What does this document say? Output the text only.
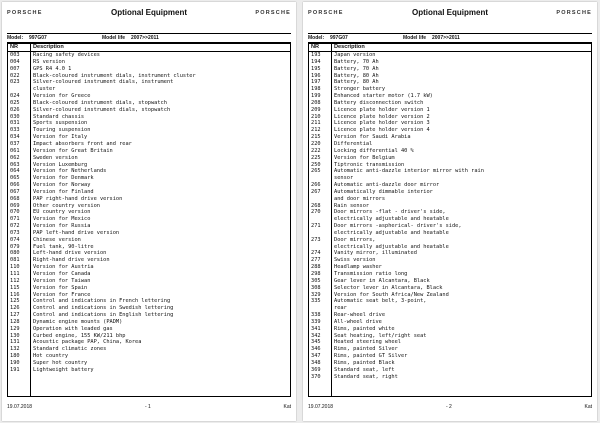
PORSCHE	Optional Equipment	PORSCHE
Model: 997G07	Model life 2007>>2011
NR	Description
003	Racing safety devices
004	RS version
007	GPS R4 4.0 1
022	Black-coloured instrument dials, instrument cluster
023	Silver-coloured instrument dials, instrument
cluster
024	Version for Greece
025	Black-coloured instrument dials, stopwatch
026	Silver-coloured instrument dials, stopwatch
030	Standard chassis
031	Sports suspension
033	Touring suspension
034	Version for Italy
037	Impact absorbers front and rear
061	Version for Great Britain
062	Sweden version
063	Version Luxemburg
064	Version for Netherlands
065	Version for Denmark
066	Version for Norway
067	Version for Finland
068	PAP right-hand drive version
069	Other country version
070	EU country version
071	Version for Mexico
072	Version for Russia
073	PAP left-hand drive version
074	Chinese version
079	Fuel tank, 90-litre
080	Left-hand drive version
081	Right-hand drive version
110	Version for Austria
111	Version for Canada
112	Version for Taiwan
115	Version for Spain
116	Version for France
125	Control and indications in French lettering
126	Control and indications in Swedish lettering
127	Control and indications in English lettering
128	Dynamic engine mounts (PADM)
129	Operation with leaded gas
130	Curbed engine, 155 KW/211 bhp
131	Acoustic package PAP, China, Korea
132	Standard climatic zones
180	Hot country
190	Super hot country
191	Lightweight battery
19.07.2018	- 1	Kat
PORSCHE	Optional Equipment	PORSCHE
Model: 997G07	Model life 2007>>2011
NR	Description
193	Japan version
194	Battery, 70 Ah
195	Battery, 70 Ah
196	Battery, 80 Ah
197	Battery, 80 Ah
198	Stronger battery
199	Enhanced starter motor (1.7 kW)
208	Battery disconnection switch
209	Licence plate holder version 1
210	Licence plate holder version 2
211	Licence plate holder version 3
212	Licence plate holder version 4
215	Version for Saudi Arabia
220	Differential
222	Locking differential 40 %
225	Version for Belgium
250	Tiptronic transmission
265	Automatic anti-dazzle interior mirror with rain
sensor
266	Automatic anti-dazzle door mirror
267	Automatically dimmable interior
and door mirrors
268	Rain sensor
270	Door mirrors -flat - driver's side,
electrically adjustable and heatable
271	Door mirrors -aspherical- driver's side,
electrically adjustable and heatable
273	Door mirrors,
electrically adjustable and heatable
274	Vanity mirror, illuminated
277	Swiss version
288	Headlamp washer
298	Transmission ratio long
305	Gear lever in Alcantara, Black
308	Selector lever in Alcantara, Black
329	Version for South Africa/New Zealand
335	Automatic seat belt, 3-point,
rear
338	Rear-wheel drive
339	All-wheel drive
341	Rims, painted white
342	Seat heating, left/right seat
345	Heated steering wheel
346	Rims, painted Silver
347	Rims, painted GT Silver
348	Rims, painted Black
369	Standard seat, left
370	Standard seat, right
19.07.2018	- 2	Kat
